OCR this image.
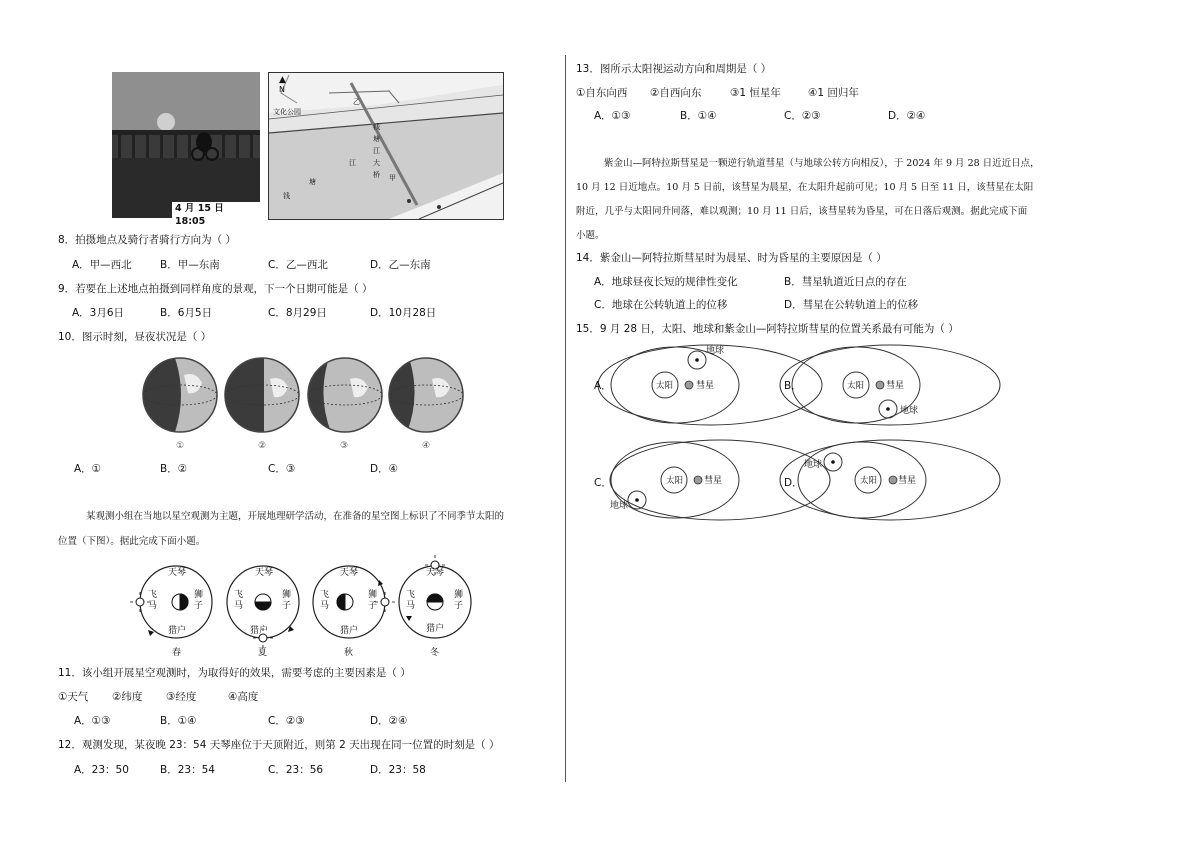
4 月 15 日 18:05
▲
N
文化公园
甲
乙
钱
塘
江
大
桥
江
塘
钱
8．拍摄地点及骑行者骑行方向为（ ）
A．甲—西北	B．甲—东南	C．乙—西北	D．乙—东南
9．若要在上述地点拍摄到同样角度的景观，下一个日期可能是（ ）
A．3月6日	B．6月5日	C．8月29日	D．10月28日
10．图示时刻，昼夜状况是（ ）
①	②	③	④
A．①	B．②	C．③	D．④
某观测小组在当地以星空观测为主题，开展地理研学活动，在准备的星空图上标识了不同季节太阳的
位置（下图）。据此完成下面小题。
天琴
猎户
飞
马
狮
子
天琴
猎户
飞
马
狮
子
天琴
猎户
飞
马
狮
子
天琴
猎户
飞
马
狮
子
春	夏	秋	冬
11．该小组开展星空观测时，为取得好的效果，需要考虑的主要因素是（ ）
①天气 ②纬度 ③经度	④高度
A．①③	B．①④	C．②③	D．②④
12．观测发现，某夜晚 23：54 天琴座位于天顶附近，则第 2 天出现在同一位置的时刻是（ ）
A．23：50	B．23：54	C．23：56	D．23：58
13．图所示太阳视运动方向和周期是（ ）
①自东向西 ②自西向东	③1 恒星年	④1 回归年
A．①③	B．①④	C．②③	D．②④
紫金山—阿特拉斯彗星是一颗逆行轨道彗星（与地球公转方向相反），于 2024 年 9 月 28 日近近日点，
10 月 12 日近地点。10 月 5 日前，该彗星为晨星，在太阳升起前可见；10 月 5 日至 11 日，该彗星在太阳
附近，几乎与太阳同升同落，难以观测；10 月 11 日后，该彗星转为昏星，可在日落后观测。据此完成下面
小题。
14．紫金山—阿特拉斯彗星时为晨星、时为昏星的主要原因是（ ）
A．地球昼夜长短的规律性变化	B．彗星轨道近日点的存在
C．地球在公转轨道上的位移	D．彗星在公转轨道上的位移
15．9 月 28 日，太阳、地球和紫金山—阿特拉斯彗星的位置关系最有可能为（ ）
A．	太阳	彗星
地球
B．	太阳 彗星
地球
C．	太阳 彗星
地球
D．	太阳 彗星
地球
